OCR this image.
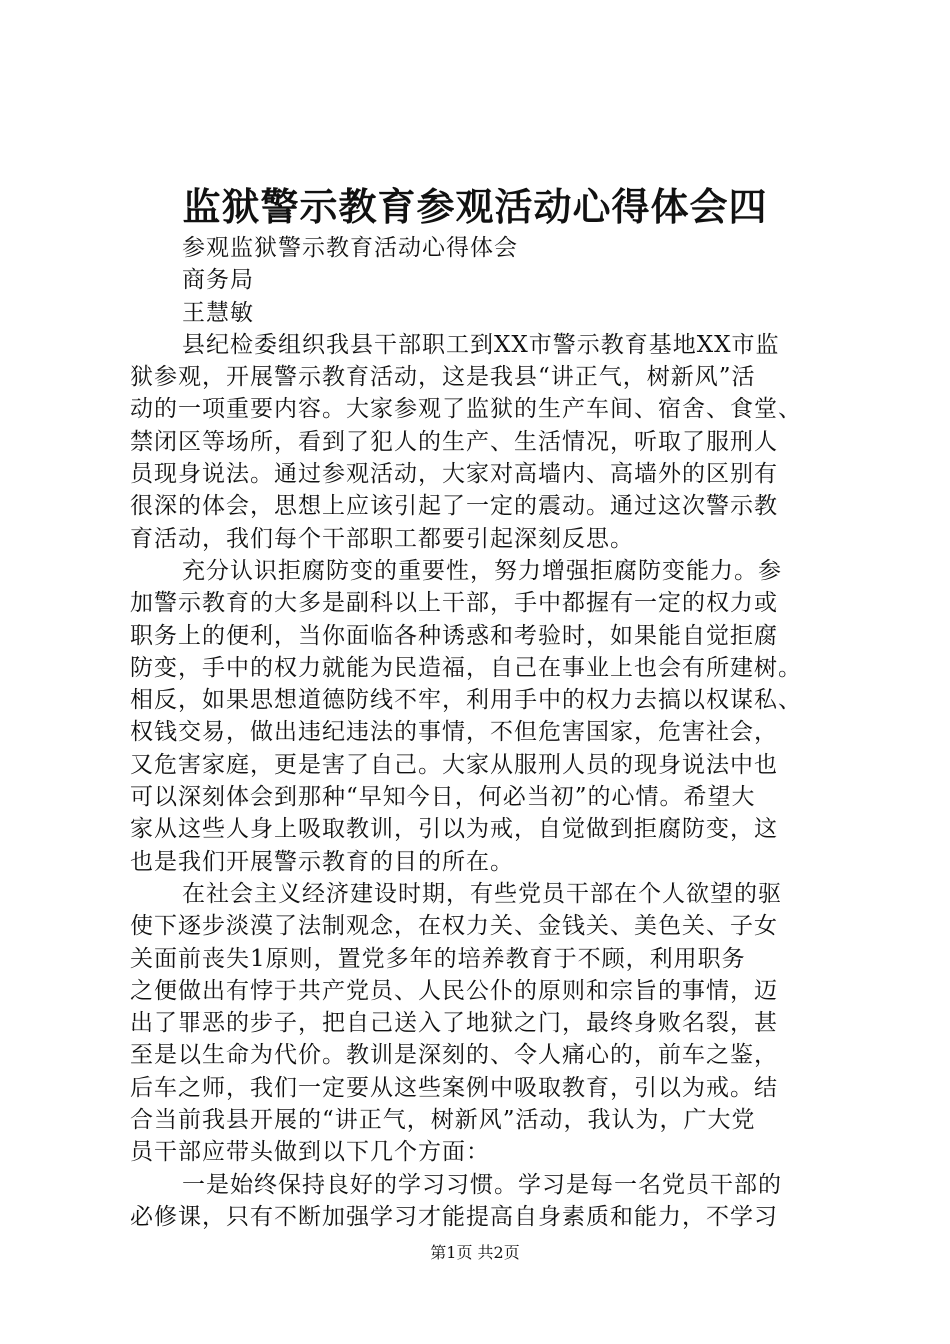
监狱警示教育参观活动心得体会四
参观监狱警示教育活动心得体会
商务局
王慧敏
县纪检委组织我县干部职工到XX市警示教育基地XX市监
狱参观，开展警示教育活动，这是我县“讲正气，树新风”活
动的一项重要内容。大家参观了监狱的生产车间、宿舍、食堂、
禁闭区等场所，看到了犯人的生产、生活情况，听取了服刑人
员现身说法。通过参观活动，大家对高墙内、高墙外的区别有
很深的体会，思想上应该引起了一定的震动。通过这次警示教
育活动，我们每个干部职工都要引起深刻反思。
充分认识拒腐防变的重要性，努力增强拒腐防变能力。参
加警示教育的大多是副科以上干部，手中都握有一定的权力或
职务上的便利，当你面临各种诱惑和考验时，如果能自觉拒腐
防变，手中的权力就能为民造福，自己在事业上也会有所建树。
相反，如果思想道德防线不牢，利用手中的权力去搞以权谋私、
权钱交易，做出违纪违法的事情，不但危害国家，危害社会，
又危害家庭，更是害了自己。大家从服刑人员的现身说法中也
可以深刻体会到那种“早知今日，何必当初”的心情。希望大
家从这些人身上吸取教训，引以为戒，自觉做到拒腐防变，这
也是我们开展警示教育的目的所在。
在社会主义经济建设时期，有些党员干部在个人欲望的驱
使下逐步淡漠了法制观念，在权力关、金钱关、美色关、子女
关面前丧失1原则，置党多年的培养教育于不顾，利用职务
之便做出有悖于共产党员、人民公仆的原则和宗旨的事情，迈
出了罪恶的步子，把自己送入了地狱之门，最终身败名裂，甚
至是以生命为代价。教训是深刻的、令人痛心的，前车之鉴，
后车之师，我们一定要从这些案例中吸取教育，引以为戒。结
合当前我县开展的“讲正气，树新风”活动，我认为，广大党
员干部应带头做到以下几个方面：
一是始终保持良好的学习习惯。学习是每一名党员干部的
必修课，只有不断加强学习才能提高自身素质和能力，不学习
第1页 共2页
